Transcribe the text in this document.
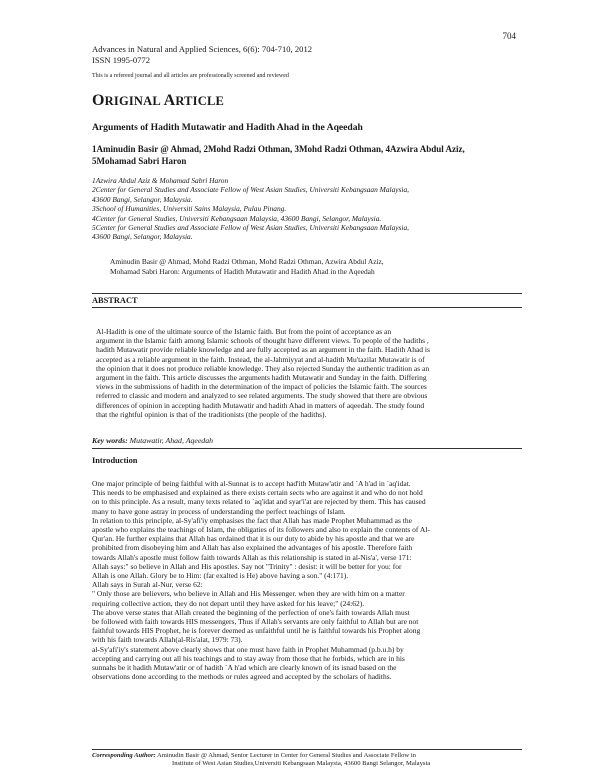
704
Advances in Natural and Applied Sciences, 6(6): 704-710, 2012
ISSN 1995-0772
This is a refereed journal and all articles are professionally screened and reviewed
ORIGINAL ARTICLE
Arguments of Hadith Mutawatir and Hadith Ahad in the Aqeedah
1Aminudin Basir @ Ahmad, 2Mohd Radzi Othman, 3Mohd Radzi Othman, 4Azwira Abdul Aziz,
5Mohamad Sabri Haron
1Azwira Abdul Aziz & Mohamad Sabri Haron
2Center for General Studies and Associate Fellow of West Asian Studies, Universiti Kebangsaan Malaysia,
43600 Bangi, Selangor, Malaysia.
3School of Humanities, Universiti Sains Malaysia, Pulau Pinang.
4Center for General Studies, Universiti Kebangsaan Malaysia, 43600 Bangi, Selangor, Malaysia.
5Center for General Studies and Associate Fellow of West Asian Studies, Universiti Kebangsaan Malaysia,
43600 Bangi, Selangor, Malaysia.
Aminudin Basir @ Ahmad, Mohd Radzi Othman, Mohd Radzi Othman, Azwira Abdul Aziz,
Mohamad Sabri Haron: Arguments of Hadith Mutawatir and Hadith Ahad in the Aqeedah
ABSTRACT
Al-Hadith is one of the ultimate source of the Islamic faith. But from the point of acceptance as an
argument in the Islamic faith among Islamic schools of thought have different views. To people of the hadiths ,
hadith Mutawatir provide reliable knowledge and are fully accepted as an argument in the faith. Hadith Ahad is
accepted as a reliable argument in the faith. Instead, the al-Jahmiyyat and al-hadith Mu'tazilat Mutawatir is of
the opinion that it does not produce reliable knowledge. They also rejected Sunday the authentic tradition as an
argument in the faith. This article discusses the arguments hadith Mutawatir and Sunday in the faith. Differing
views in the submissions of hadith in the determination of the impact of policies the Islamic faith. The sources
referred to classic and modern and analyzed to see related arguments. The study showed that there are obvious
differences of opinion in accepting hadith Mutawatir and hadith Ahad in matters of aqeedah. The study found
that the rightful opinion is that of the traditionists (the people of the hadiths).
Key words: Mutawatir, Ahad, Aqeedah
Introduction
One major principle of being faithful with al-Sunnat is to accept had'ith Mutaw'atir and `A h'ad in `aq'idat.
This needs to be emphasised and explained as there exists certain sects who are against it and who do not hold
on to this principle. As a result, many texts related to `aq'idat and syar'i'at are rejected by them. This has caused
many to have gone astray in process of understanding the perfect teachings of Islam.
In relation to this principle, al-Sy'afi'iy emphasises the fact that Allah has made Prophet Muhammad as the
apostle who explains the teachings of Islam, the obligaties of its followers and also to explain the contents of Al-
Qur'an. He further explains that Allah has ordained that it is our duty to abide by his apostle and that we are
prohibited from disobeying him and Allah has also explained the advantages of his apostle. Therefore faith
towards Allah's apostle must follow faith towards Allah as this relationship is stated in al-Nis'a', verse 171:
Allah says:" so believe in Allah and His apostles. Say not "Trinity" : desist: it will be better for you: for
Allah is one Allah. Glory be to Him: (far exalted is He) above having a son." (4:171).
Allah says in Surah al-Nur, verse 62:
" Only those are believers, who believe in Allah and His Messenger. when they are with him on a matter
requiring collective action, they do not depart until they have asked for his leave;" (24:62).
The above verse states that Allah created the beginning of the perfection of one's faith towards Allah must
be followed with faith towards HIS messengers, Thus if Allah's servants are only faithful to Allah but are not
faithful towards HIS Prophet, he is forever deemed as unfaithful until he is faithful towards his Prophet along
with his faith towards Allah(al-Ris'alat, 1979: 73).
al-Sy'afi'iy's statement above clearly shows that one must have faith in Prophet Muhammad (p.b.u.h) by
accepting and carrying out all his teachings and to stay away from those that he forbids, which are in his
sunnahs be it hadith Mutaw'atir or of hadith `A h'ad which are clearly known of its isnad based on the
observations done according to the methods or rules agreed and accepted by the scholars of hadiths.
Corresponding Author: Aminudin Basir @ Ahmad, Senior Lecturer in Center for General Studies and Associate Fellow in
Institute of West Asian Studies,Universiti Kebangsaan Malaysia, 43600 Bangi Selangor, Malaysia
